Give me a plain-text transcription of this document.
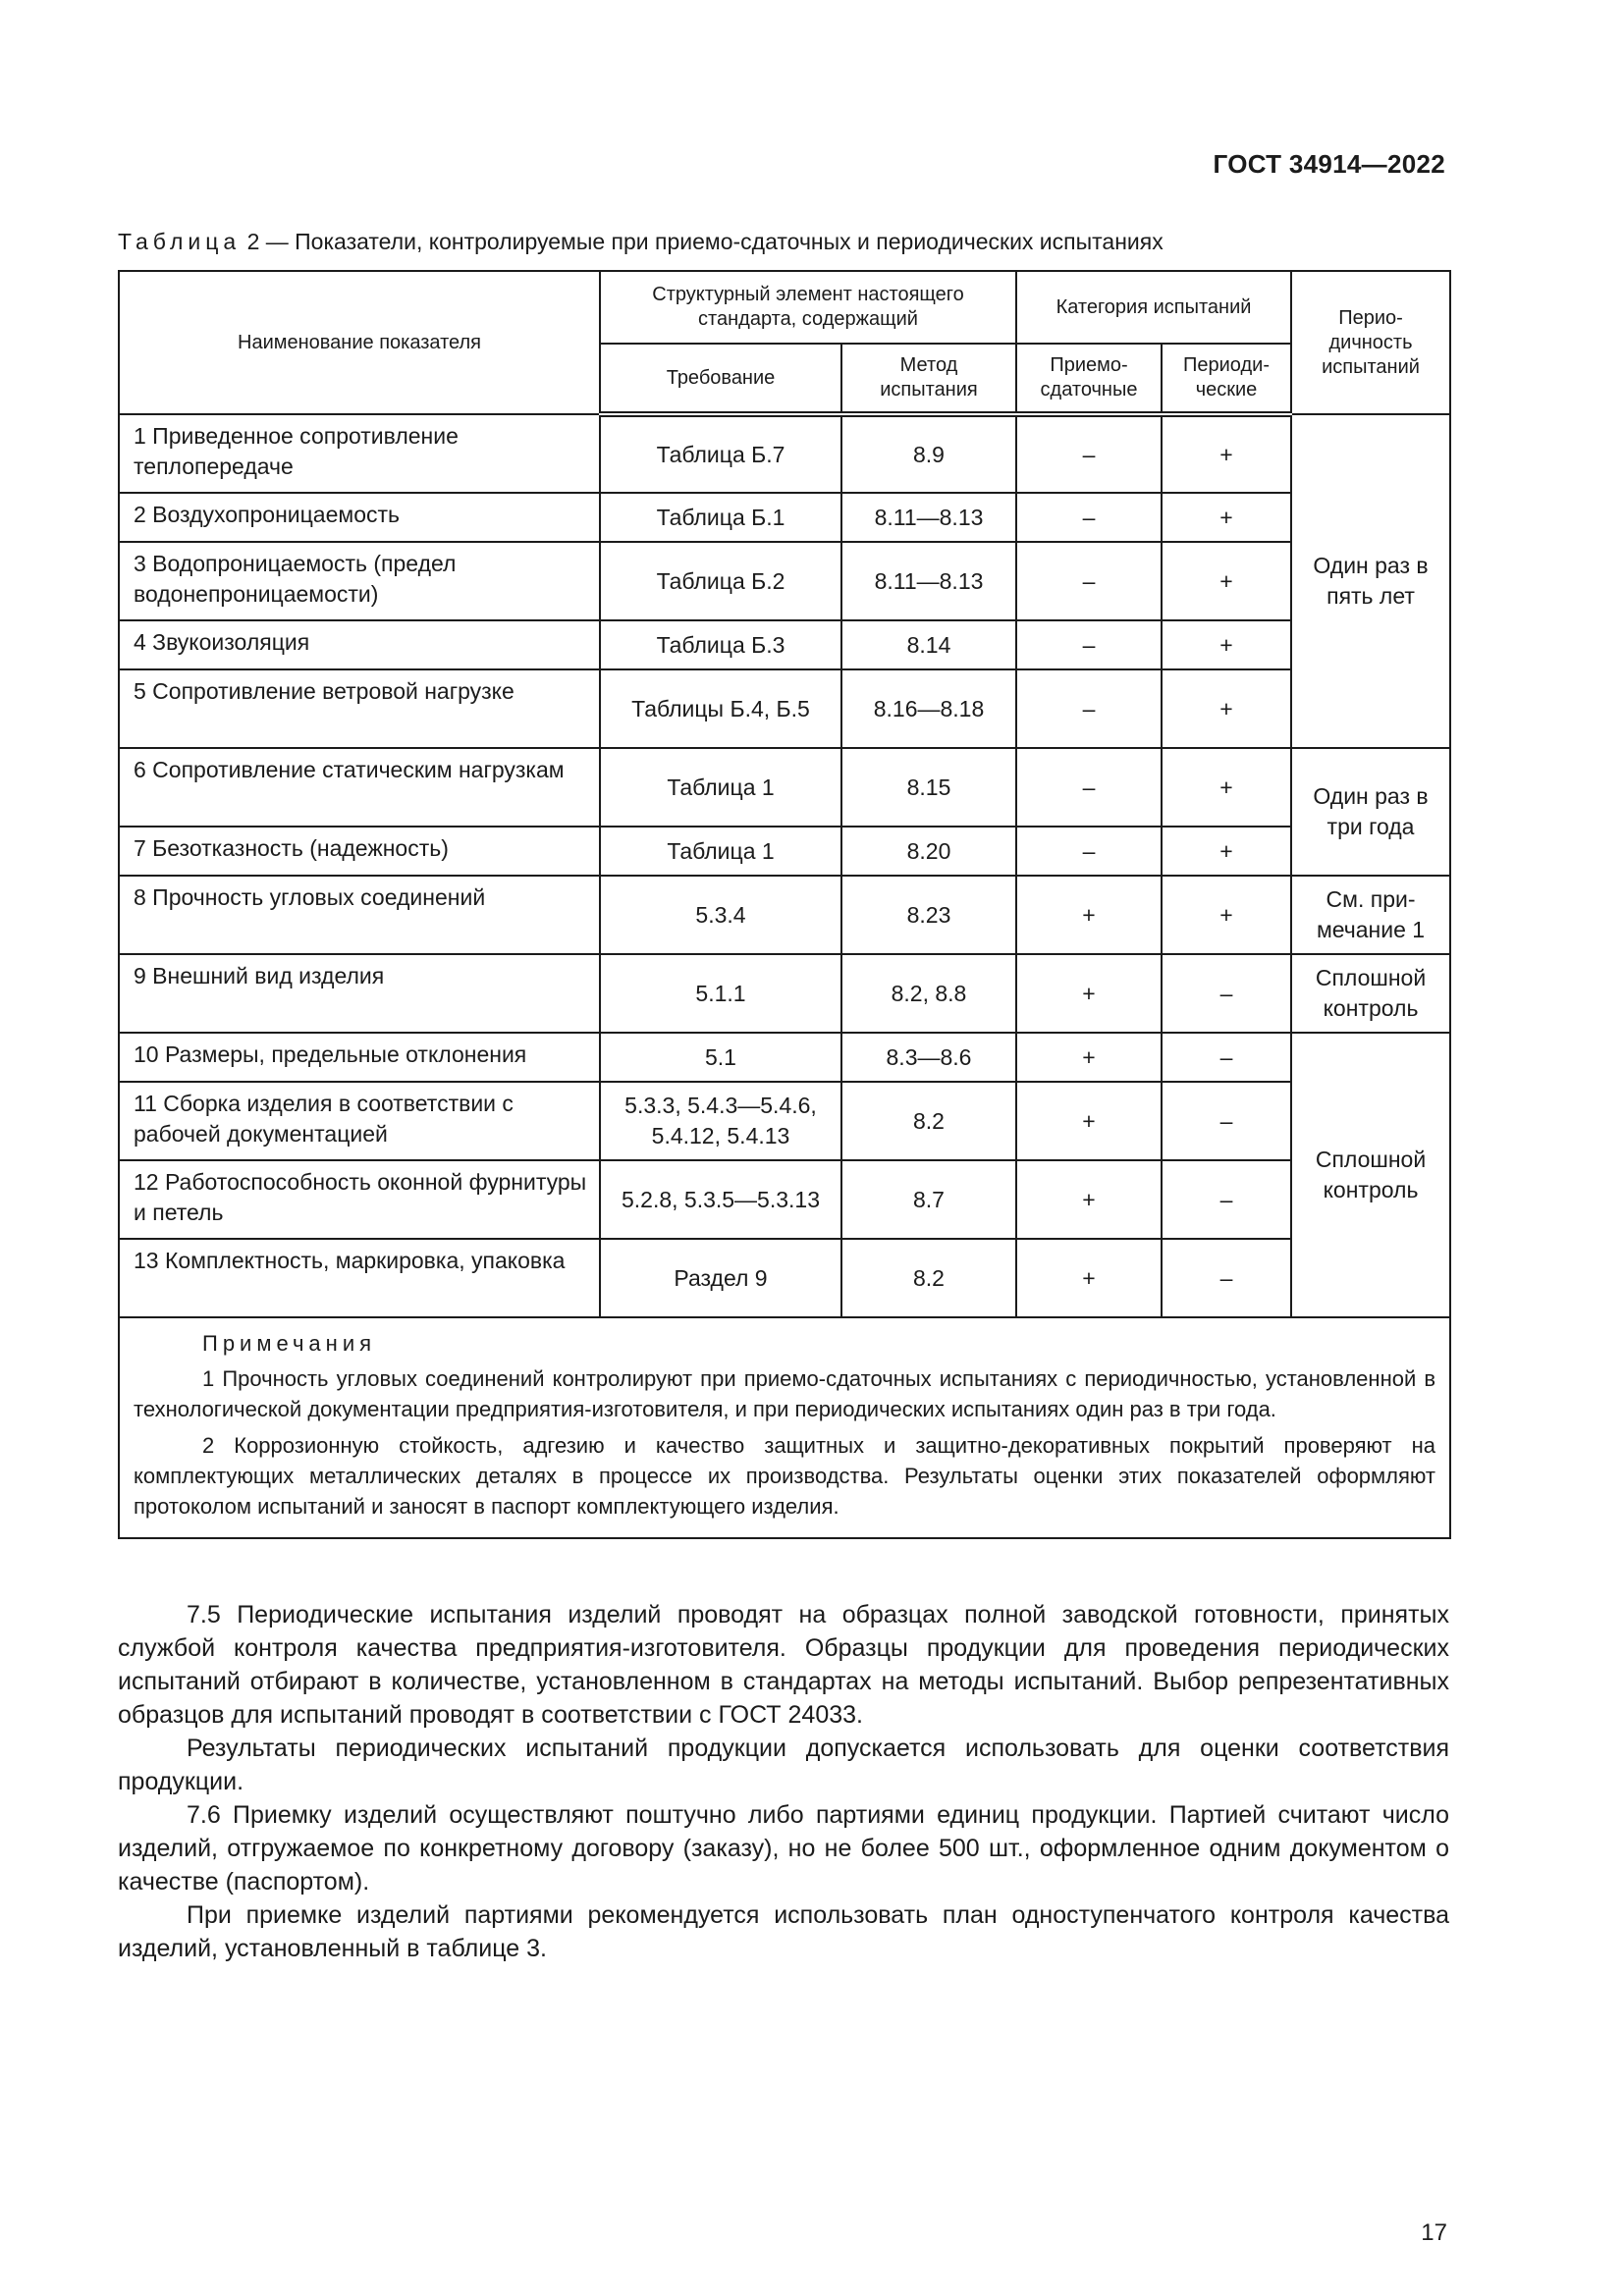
ГОСТ 34914—2022
Таблица 2 — Показатели, контролируемые при приемо-сдаточных и периодических испытаниях
Наименование показателя	Структурный элемент настоящего стандарта, содержащий		Категория испытаний		Перио-дичность испытаний
	Требование	Метод испытания	Приемо-сдаточные	Периоди-ческие	
1 Приведенное сопротивление теплопередаче	Таблица Б.7	8.9	–	+	Один раз в пять лет
2 Воздухопроницаемость	Таблица Б.1	8.11—8.13	–	+	
3 Водопроницаемость (предел водонепроницаемости)	Таблица Б.2	8.11—8.13	–	+	
4 Звукоизоляция	Таблица Б.3	8.14	–	+	
5 Сопротивление ветровой нагрузке	Таблицы Б.4, Б.5	8.16—8.18	–	+	
6 Сопротивление статическим нагрузкам	Таблица 1	8.15	–	+	Один раз в три года
7 Безотказность (надежность)	Таблица 1	8.20	–	+	
8 Прочность угловых соединений	5.3.4	8.23	+	+	См. при-мечание 1
9 Внешний вид изделия	5.1.1	8.2, 8.8	+	–	Сплошной контроль
10 Размеры, предельные отклонения	5.1	8.3—8.6	+	–	Сплошной контроль
11 Сборка изделия в соответствии с рабочей документацией	5.3.3, 5.4.3—5.4.6, 5.4.12, 5.4.13	8.2	+	–	
12 Работоспособность оконной фурнитуры и петель	5.2.8, 5.3.5—5.3.13	8.7	+	–	
13 Комплектность, маркировка, упаковка	Раздел 9	8.2	+	–	

Примечания

1 Прочность угловых соединений контролируют при приемо-сдаточных испытаниях с периодичностью, установленной в технологической документации предприятия-изготовителя, и при периодических испытаниях один раз в три года.

2 Коррозионную стойкость, адгезию и качество защитных и защитно-декоративных покрытий проверяют на комплектующих металлических деталях в процессе их производства. Результаты оценки этих показателей оформляют протоколом испытаний и заносят в паспорт комплектующего изделия.					

7.5 Периодические испытания изделий проводят на образцах полной заводской готовности, принятых службой контроля качества предприятия-изготовителя. Образцы продукции для проведения периодических испытаний отбирают в количестве, установленном в стандартах на методы испытаний. Выбор репрезентативных образцов для испытаний проводят в соответствии с ГОСТ 24033.

Результаты периодических испытаний продукции допускается использовать для оценки соответствия продукции.

7.6 Приемку изделий осуществляют поштучно либо партиями единиц продукции. Партией считают число изделий, отгружаемое по конкретному договору (заказу), но не более 500 шт., оформленное одним документом о качестве (паспортом).

При приемке изделий партиями рекомендуется использовать план одноступенчатого контроля качества изделий, установленный в таблице 3.

17
